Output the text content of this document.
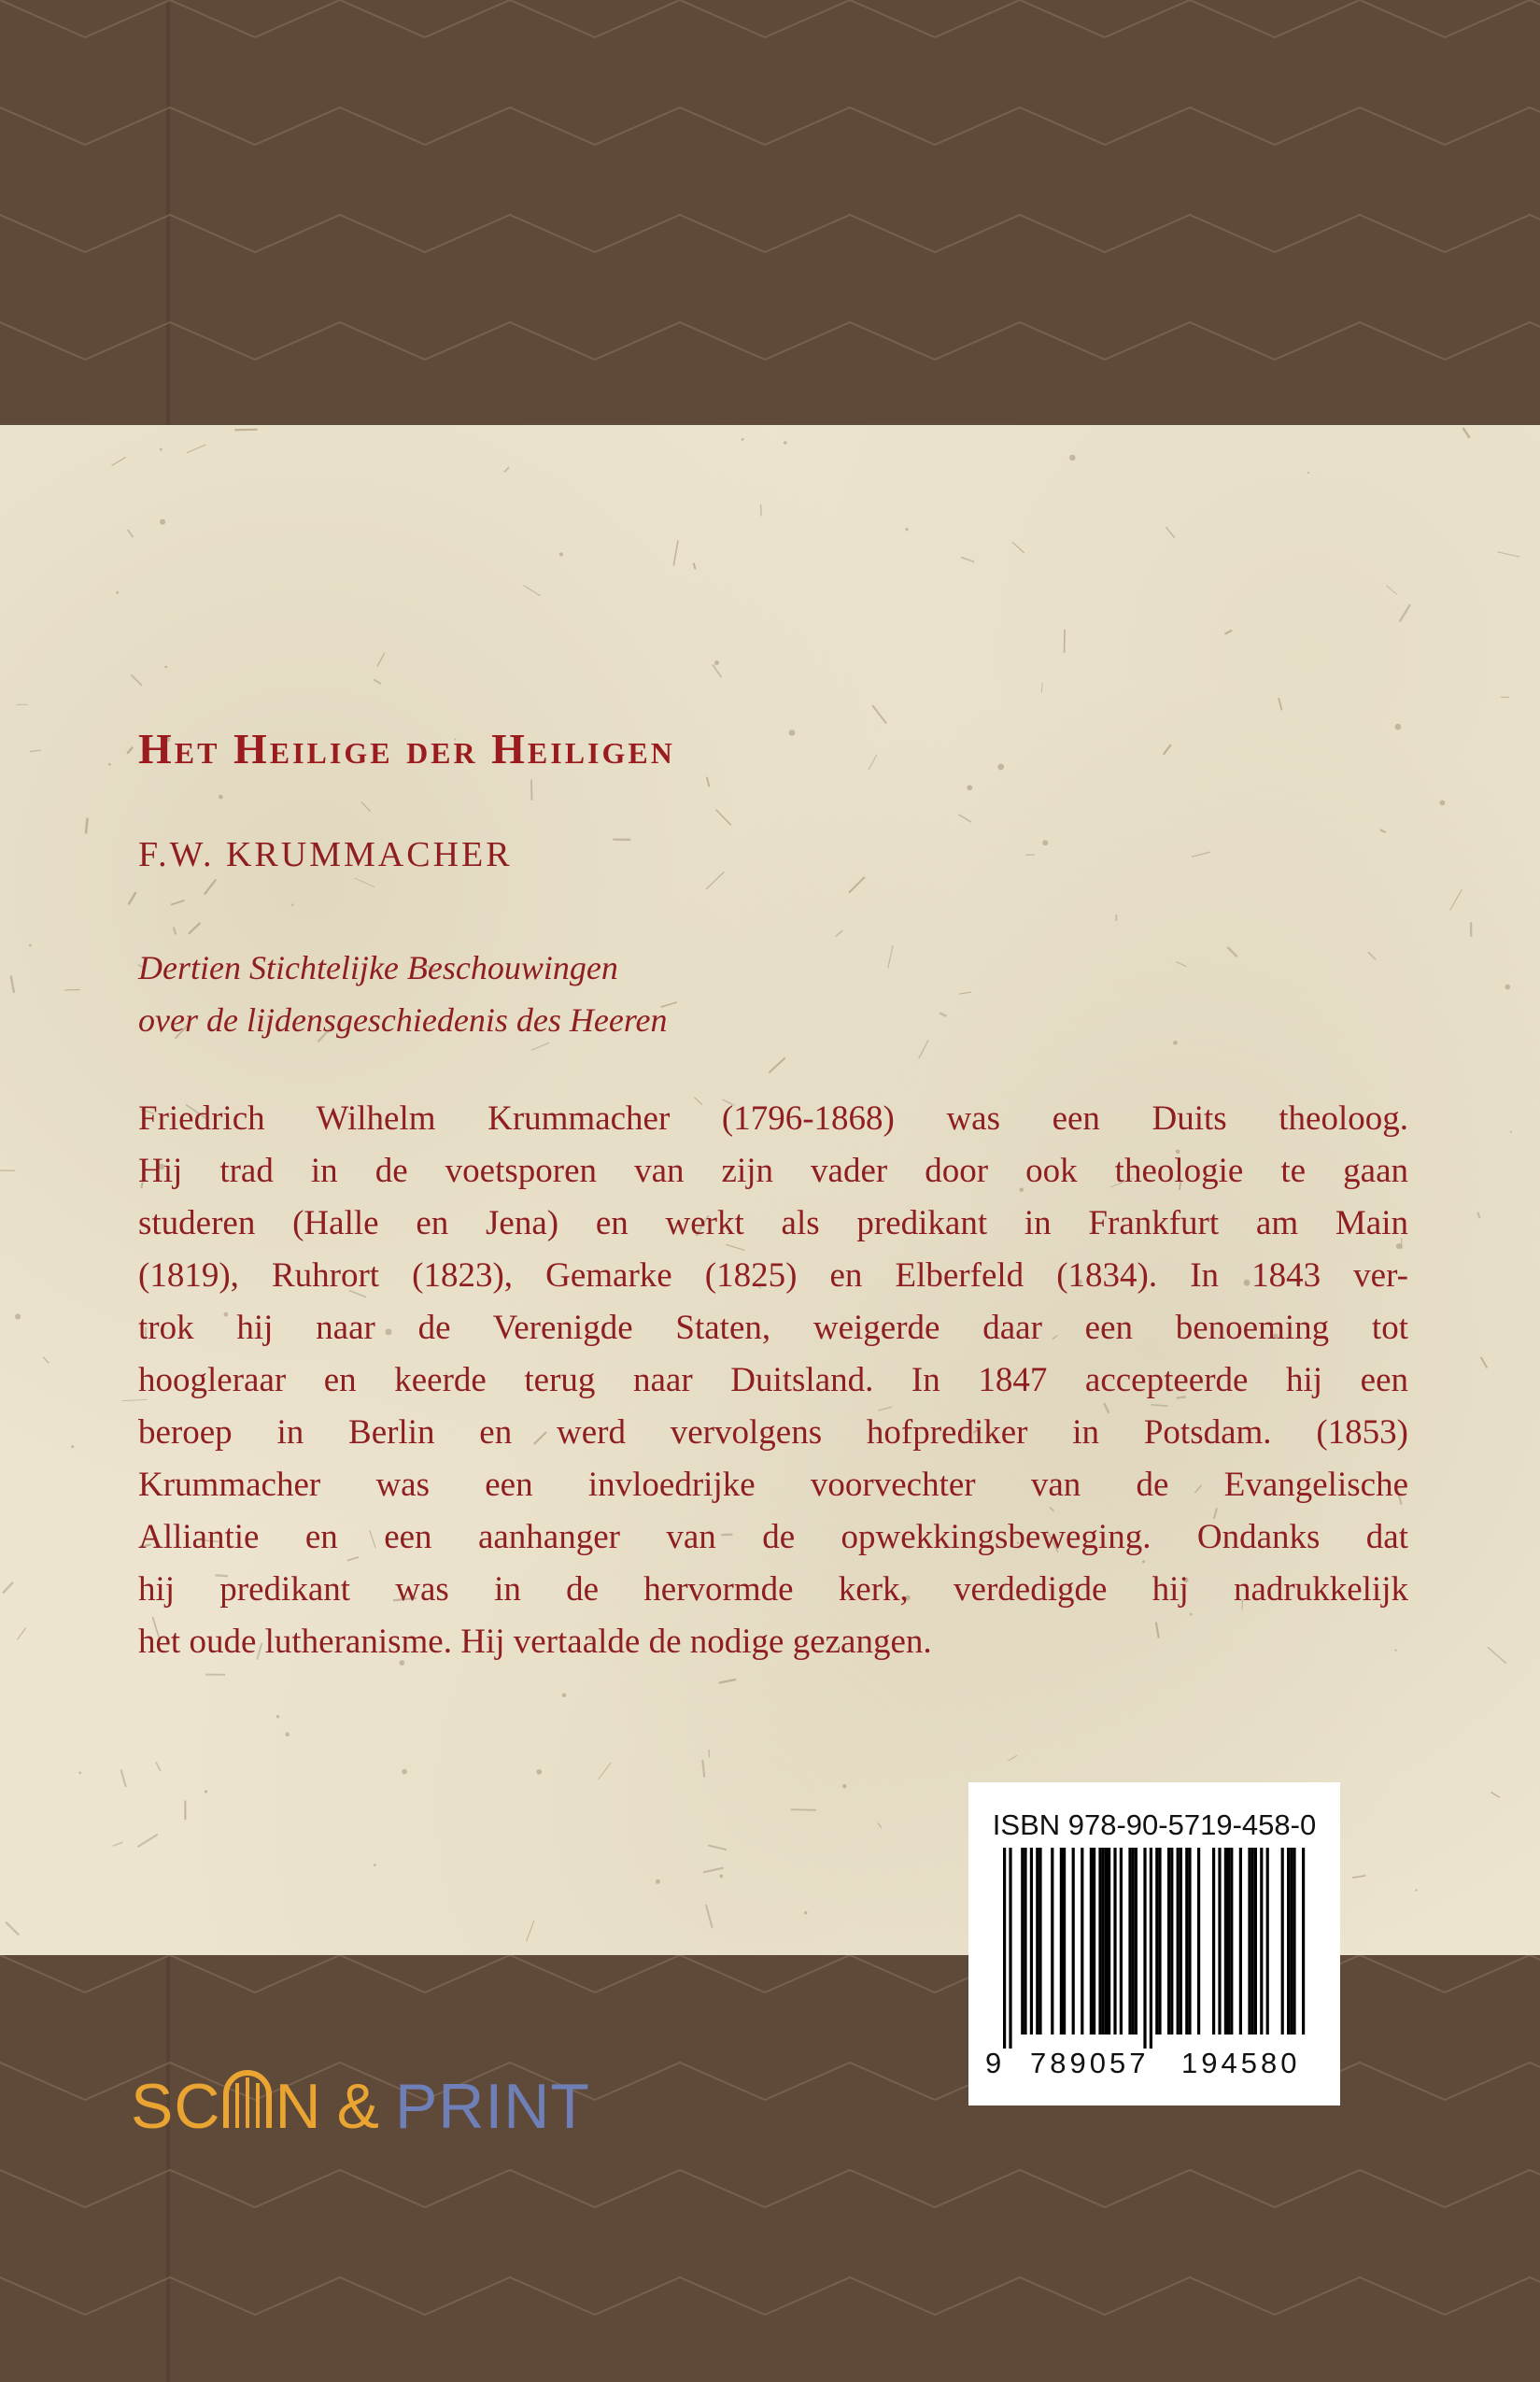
Het Heilige der Heiligen
F.W. KRUMMACHER
Dertien Stichtelijke Beschouwingen
over de lijdensgeschiedenis des Heeren
Friedrich Wilhelm Krummacher (1796-1868) was een Duits theoloog.
Hij trad in de voetsporen van zijn vader door ook theologie te gaan
studeren (Halle en Jena) en werkt als predikant in Frankfurt am Main
(1819), Ruhrort (1823), Gemarke (1825) en Elberfeld (1834). In 1843 ver-
trok hij naar de Verenigde Staten, weigerde daar een benoeming tot
hoogleraar en keerde terug naar Duitsland. In 1847 accepteerde hij een
beroep in Berlin en werd vervolgens hofprediker in Potsdam. (1853)
Krummacher was een invloedrijke voorvechter van de Evangelische
Alliantie en een aanhanger van de opwekkingsbeweging. Ondanks dat
hij predikant was in de hervormde kerk, verdedigde hij nadrukkelijk
het oude lutheranisme. Hij vertaalde de nodige gezangen.
ISBN 978-90-5719-458-0
9 789057 194580
SC N & PRINT
